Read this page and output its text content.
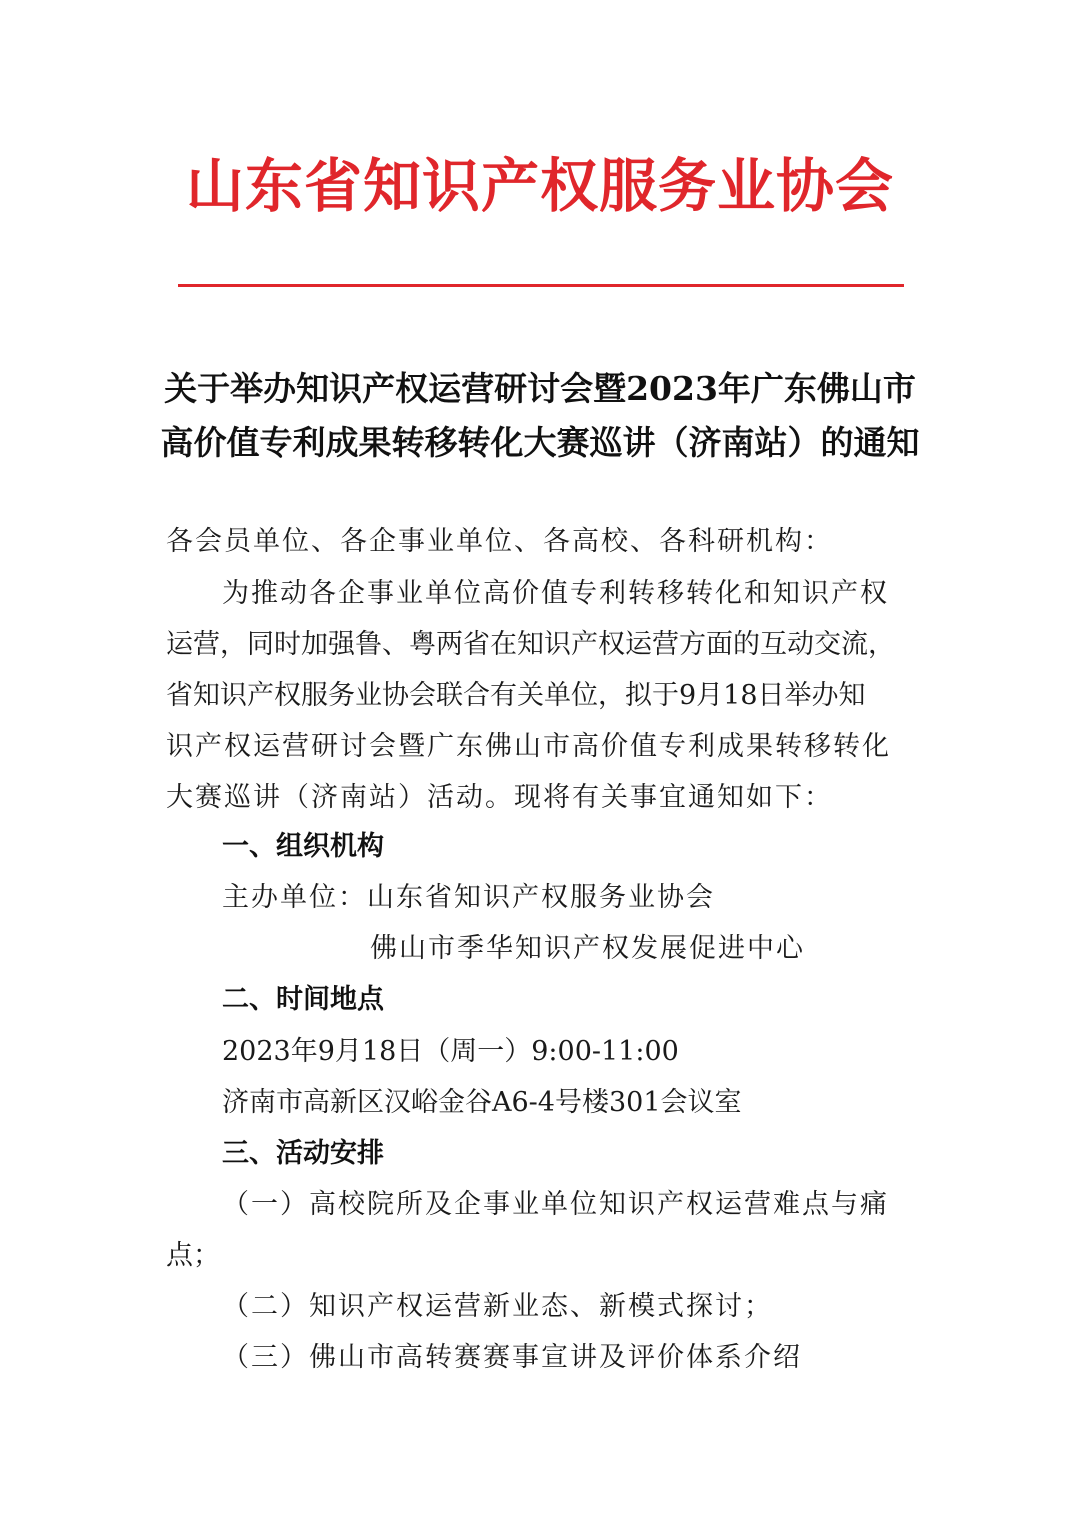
山东省知识产权服务业协会
关于举办知识产权运营研讨会暨2023年广东佛山市
高价值专利成果转移转化大赛巡讲（济南站）的通知
各会员单位、各企事业单位、各高校、各科研机构：
为推动各企事业单位高价值专利转移转化和知识产权
运营，同时加强鲁、粤两省在知识产权运营方面的互动交流，
省知识产权服务业协会联合有关单位，拟于9月18日举办知
识产权运营研讨会暨广东佛山市高价值专利成果转移转化
大赛巡讲（济南站）活动。现将有关事宜通知如下：
一、组织机构
主办单位：山东省知识产权服务业协会
佛山市季华知识产权发展促进中心
二、时间地点
2023年9月18日（周一）9:00-11:00
济南市高新区汉峪金谷A6-4号楼301会议室
三、活动安排
（一）高校院所及企事业单位知识产权运营难点与痛
点；
（二）知识产权运营新业态、新模式探讨；
（三）佛山市高转赛赛事宣讲及评价体系介绍
